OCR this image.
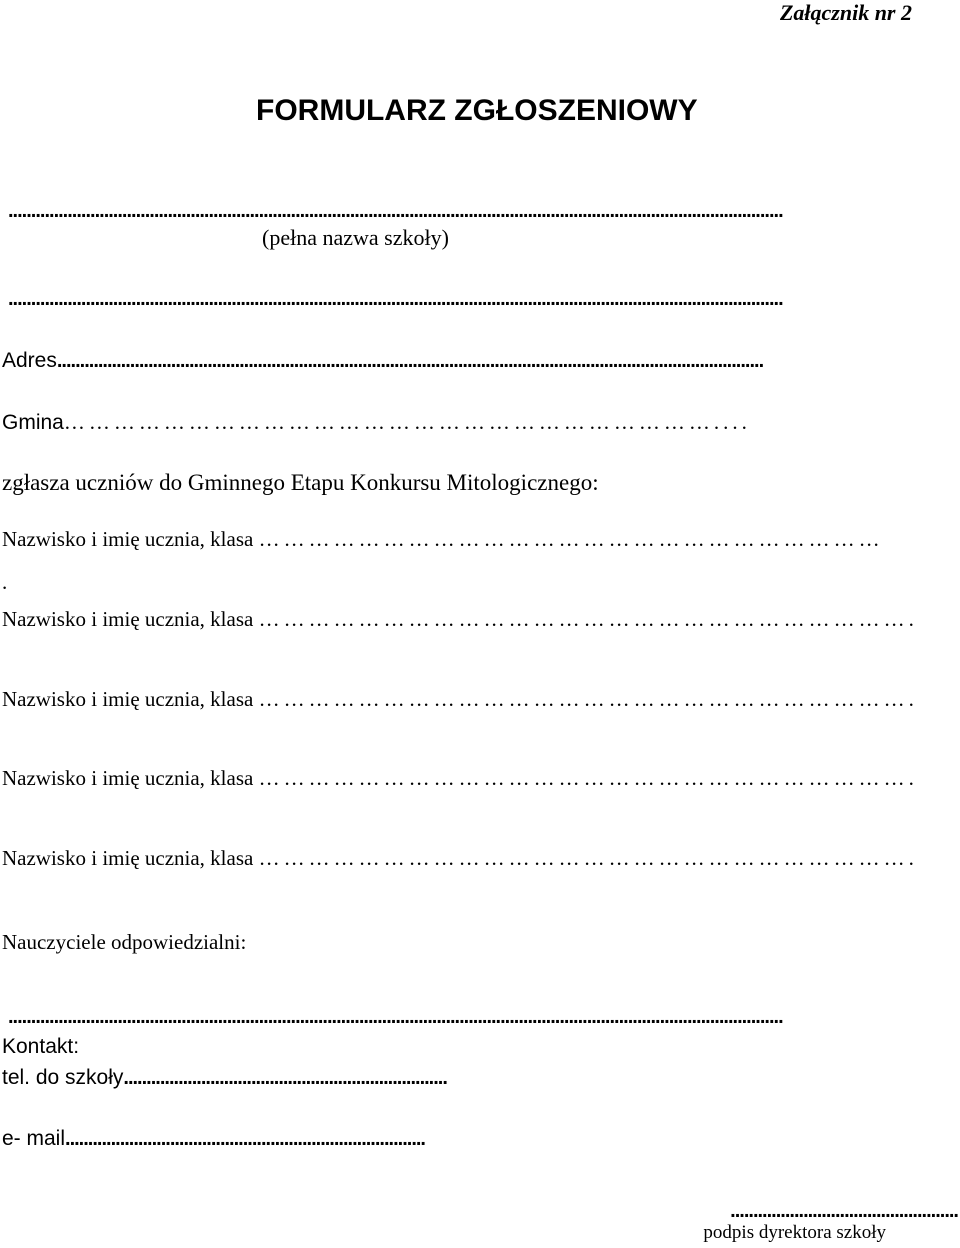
Załącznik nr 2
FORMULARZ ZGŁOSZENIOWY
..........................................................................................................................................................................
(pełna nazwa szkoły)
..........................................................................................................................................................................
Adres...........................................................................................................................................................
Gmina……………………………………………………………………....
zgłasza uczniów do Gminnego Etapu Konkursu Mitologicznego:
Nazwisko i imię ucznia, klasa …………………………………………………………………
.
Nazwisko i imię ucznia, klasa …………………………………………………………………….
Nazwisko i imię ucznia, klasa …………………………………………………………………….
Nazwisko i imię ucznia, klasa …………………………………………………………………….
Nazwisko i imię ucznia, klasa …………………………………………………………………….
Nauczyciele odpowiedzialni:
..........................................................................................................................................................................
Kontakt:
tel. do szkoły.......................................................................
e- mail...............................................................................
..................................................
podpis dyrektora szkoły
